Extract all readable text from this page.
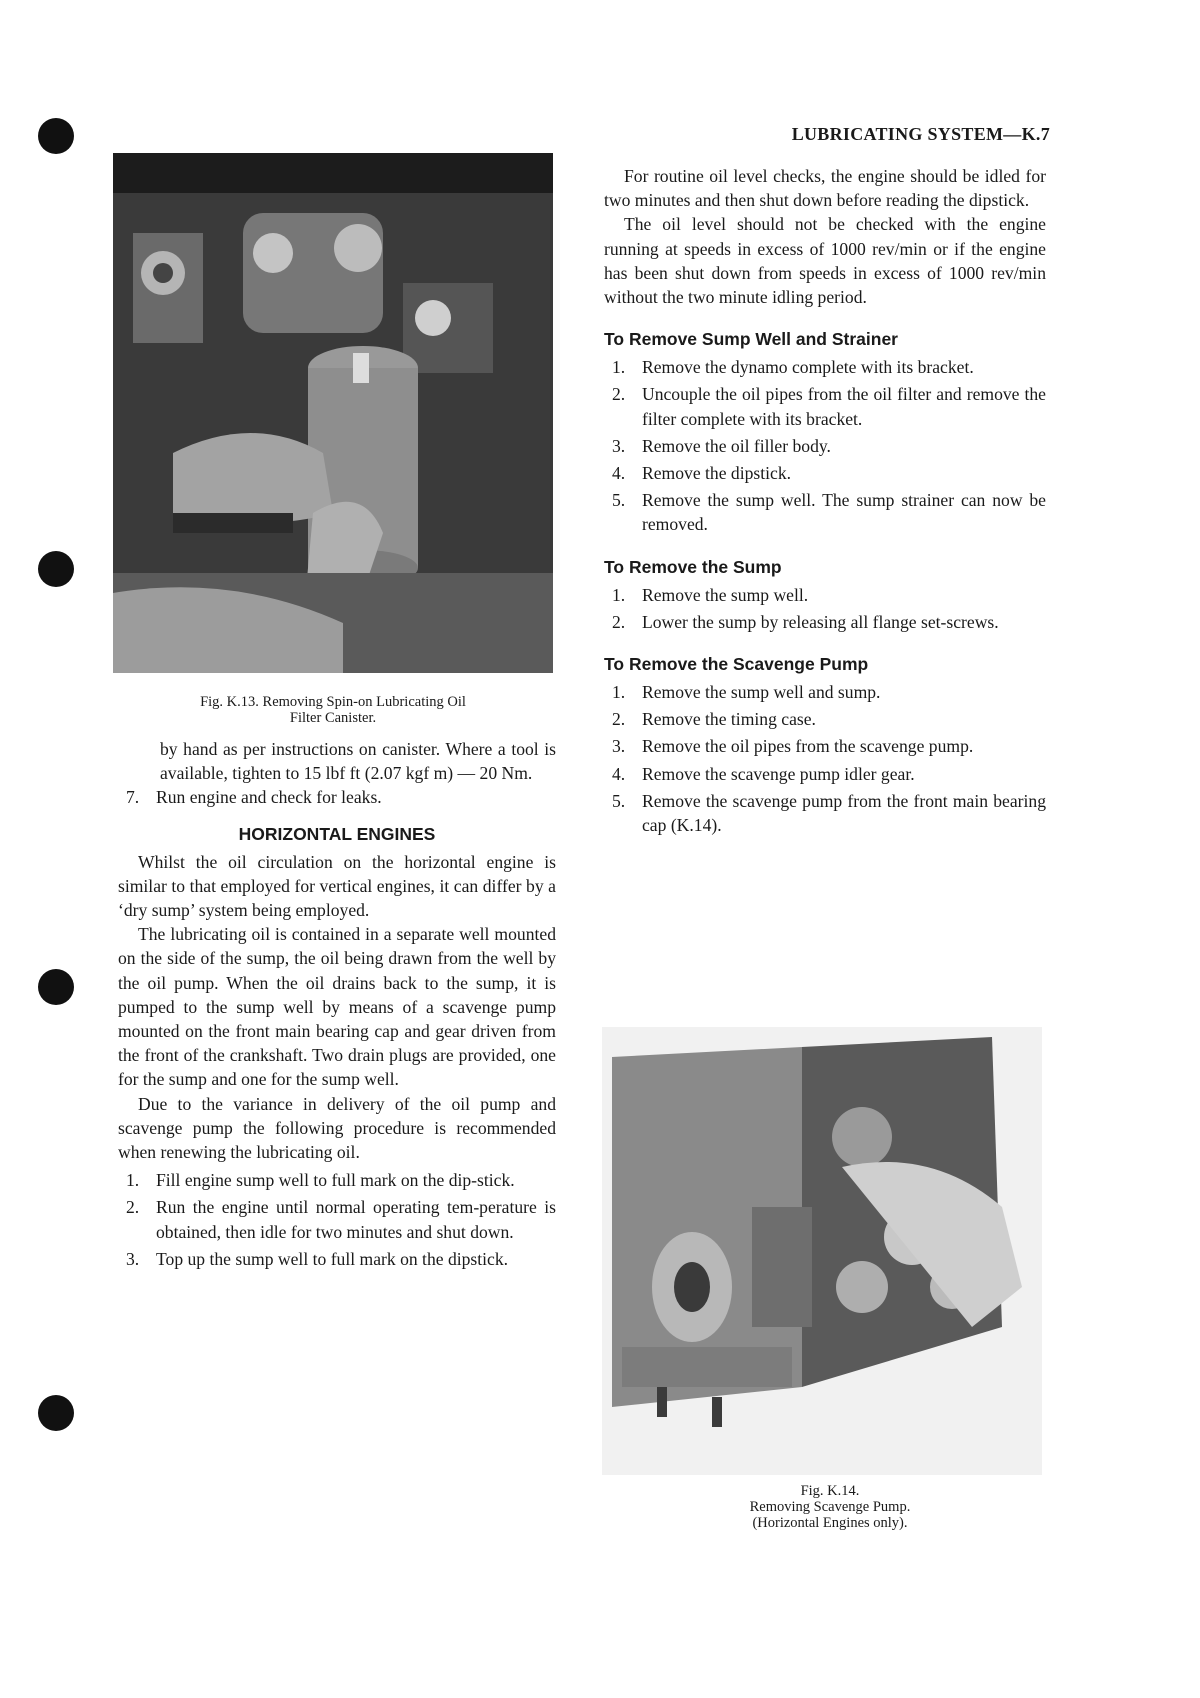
LUBRICATING SYSTEM—K.7
Fig. K.13. Removing Spin-on Lubricating Oil
Filter Canister.

by hand as per instructions on canister. Where a tool is available, tighten to 15 lbf ft (2.07 kgf m) — 20 Nm.

7. Run engine and check for leaks.
HORIZONTAL ENGINES

Whilst the oil circulation on the horizontal engine is similar to that employed for vertical engines, it can differ by a ‘dry sump’ system being employed.

The lubricating oil is contained in a separate well mounted on the side of the sump, the oil being drawn from the well by the oil pump. When the oil drains back to the sump, it is pumped to the sump well by means of a scavenge pump mounted on the front main bearing cap and gear driven from the front of the crankshaft. Two drain plugs are provided, one for the sump and one for the sump well.

Due to the variance in delivery of the oil pump and scavenge pump the following procedure is recommended when renewing the lubricating oil.

1. Fill engine sump well to full mark on the dip-stick.
2. Run the engine until normal operating tem-perature is obtained, then idle for two minutes and shut down.
3. Top up the sump well to full mark on the dipstick.

For routine oil level checks, the engine should be idled for two minutes and then shut down before reading the dipstick.

The oil level should not be checked with the engine running at speeds in excess of 1000 rev/min or if the engine has been shut down from speeds in excess of 1000 rev/min without the two minute idling period.

To Remove Sump Well and Strainer
1. Remove the dynamo complete with its bracket.
2. Uncouple the oil pipes from the oil filter and remove the filter complete with its bracket.
3. Remove the oil filler body.
4. Remove the dipstick.
5. Remove the sump well. The sump strainer can now be removed.
To Remove the Sump
1. Remove the sump well.
2. Lower the sump by releasing all flange set-screws.
To Remove the Scavenge Pump
1. Remove the sump well and sump.
2. Remove the timing case.
3. Remove the oil pipes from the scavenge pump.
4. Remove the scavenge pump idler gear.
5. Remove the scavenge pump from the front main bearing cap (K.14).
Fig. K.14.
Removing Scavenge Pump.
(Horizontal Engines only).
